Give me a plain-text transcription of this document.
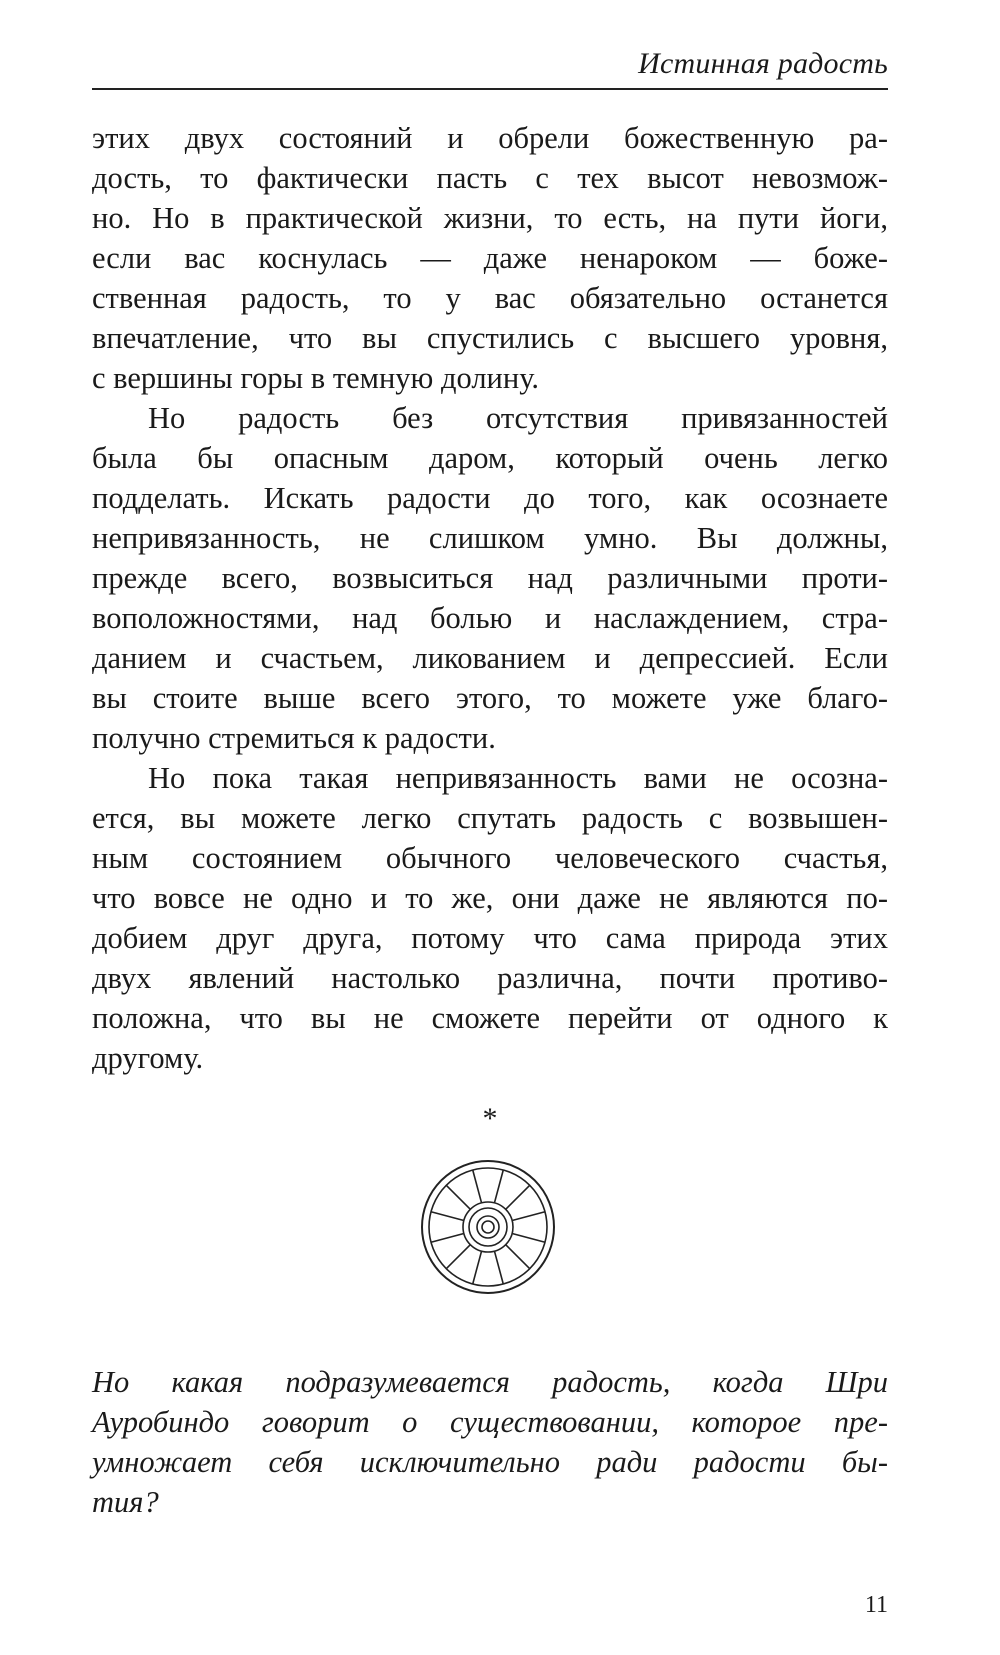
Истинная радость
этих двух состояний и обрели божественную ра-
дость, то фактически пасть с тех высот невозмож-
но. Но в практической жизни, то есть, на пути йоги,
если вас коснулась — даже ненароком — боже-
ственная радость, то у вас обязательно останется
впечатление, что вы спустились с высшего уровня,
с вершины горы в темную долину.
Но радость без отсутствия привязанностей
была бы опасным даром, который очень легко
подделать. Искать радости до того, как осознаете
непривязанность, не слишком умно. Вы должны,
прежде всего, возвыситься над различными проти-
воположностями, над болью и наслаждением, стра-
данием и счастьем, ликованием и депрессией. Если
вы стоите выше всего этого, то можете уже благо-
получно стремиться к радости.
Но пока такая непривязанность вами не осозна-
ется, вы можете легко спутать радость с возвышен-
ным состоянием обычного человеческого счастья,
что вовсе не одно и то же, они даже не являются по-
добием друг друга, потому что сама природа этих
двух явлений настолько различна, почти противо-
положна, что вы не сможете перейти от одного к
другому.
*
Но какая подразумевается радость, когда Шри
Ауробиндо говорит о существовании, которое пре-
умножает себя исключительно ради радости бы-
тия?
11
